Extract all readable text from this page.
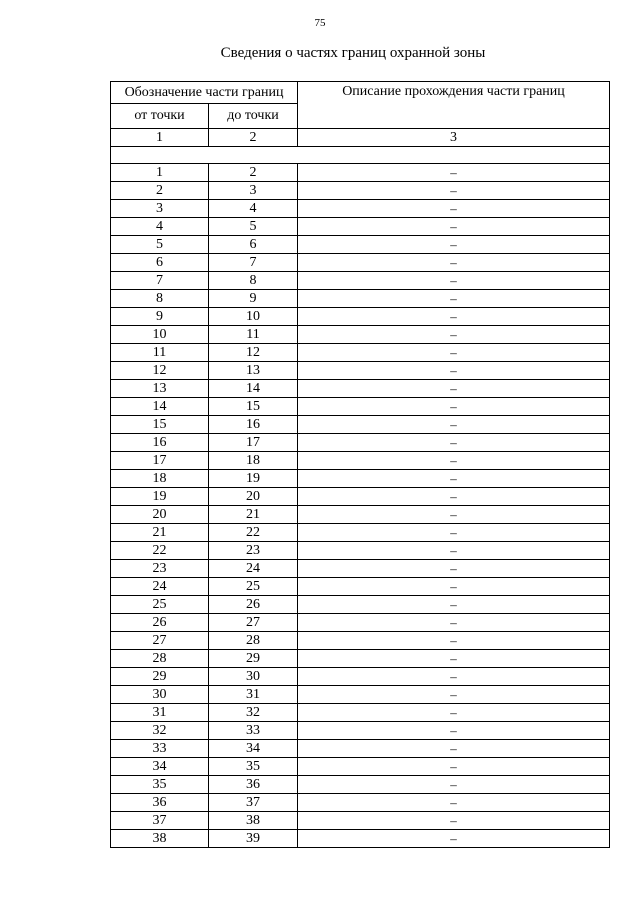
75
Сведения о частях границ охранной зоны
Обозначение части границ		Описание прохождения части границ
от точки	до точки	
1	2	3

1	2	–
2	3	–
3	4	–
4	5	–
5	6	–
6	7	–
7	8	–
8	9	–
9	10	–
10	11	–
11	12	–
12	13	–
13	14	–
14	15	–
15	16	–
16	17	–
17	18	–
18	19	–
19	20	–
20	21	–
21	22	–
22	23	–
23	24	–
24	25	–
25	26	–
26	27	–
27	28	–
28	29	–
29	30	–
30	31	–
31	32	–
32	33	–
33	34	–
34	35	–
35	36	–
36	37	–
37	38	–
38	39	–
